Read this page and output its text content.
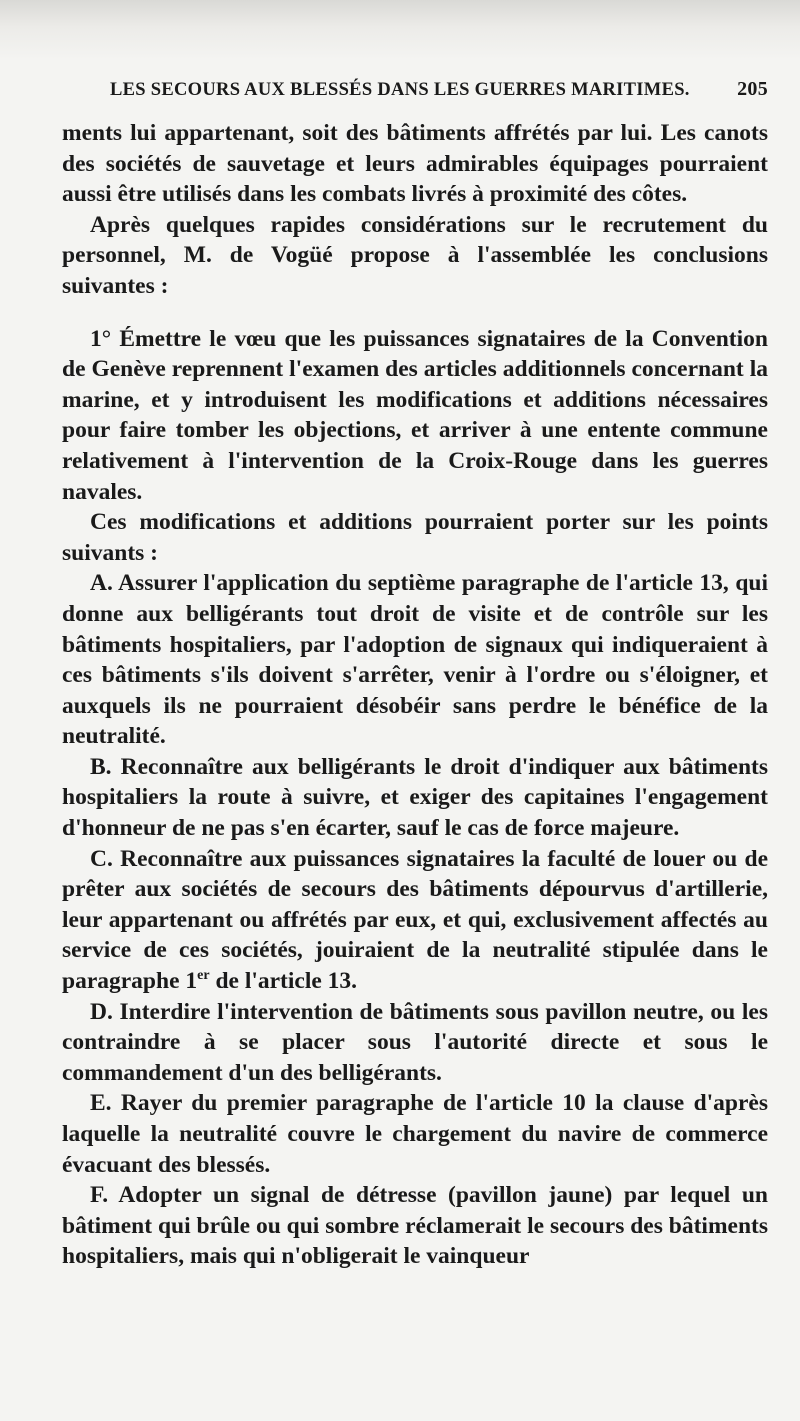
LES SECOURS AUX BLESSÉS DANS LES GUERRES MARITIMES. 205

ments lui appartenant, soit des bâtiments affrétés par lui. Les canots des sociétés de sauvetage et leurs admirables équipages pourraient aussi être utilisés dans les combats livrés à proximité des côtes.

Après quelques rapides considérations sur le recrutement du personnel, M. de Vogüé propose à l'assemblée les conclusions suivantes :

1° Émettre le vœu que les puissances signataires de la Convention de Genève reprennent l'examen des articles additionnels concernant la marine, et y introduisent les modifications et additions nécessaires pour faire tomber les objections, et arriver à une entente commune relativement à l'intervention de la Croix-Rouge dans les guerres navales.

Ces modifications et additions pourraient porter sur les points suivants :

A. Assurer l'application du septième paragraphe de l'article 13, qui donne aux belligérants tout droit de visite et de contrôle sur les bâtiments hospitaliers, par l'adoption de signaux qui indiqueraient à ces bâtiments s'ils doivent s'arrêter, venir à l'ordre ou s'éloigner, et auxquels ils ne pourraient désobéir sans perdre le bénéfice de la neutralité.

B. Reconnaître aux belligérants le droit d'indiquer aux bâtiments hospitaliers la route à suivre, et exiger des capitaines l'engagement d'honneur de ne pas s'en écarter, sauf le cas de force majeure.

C. Reconnaître aux puissances signataires la faculté de louer ou de prêter aux sociétés de secours des bâtiments dépourvus d'artillerie, leur appartenant ou affrétés par eux, et qui, exclusivement affectés au service de ces sociétés, jouiraient de la neutralité stipulée dans le paragraphe 1er de l'article 13.

D. Interdire l'intervention de bâtiments sous pavillon neutre, ou les contraindre à se placer sous l'autorité directe et sous le commandement d'un des belligérants.

E. Rayer du premier paragraphe de l'article 10 la clause d'après laquelle la neutralité couvre le chargement du navire de commerce évacuant des blessés.

F. Adopter un signal de détresse (pavillon jaune) par lequel un bâtiment qui brûle ou qui sombre réclamerait le secours des bâtiments hospitaliers, mais qui n'obligerait le vainqueur
